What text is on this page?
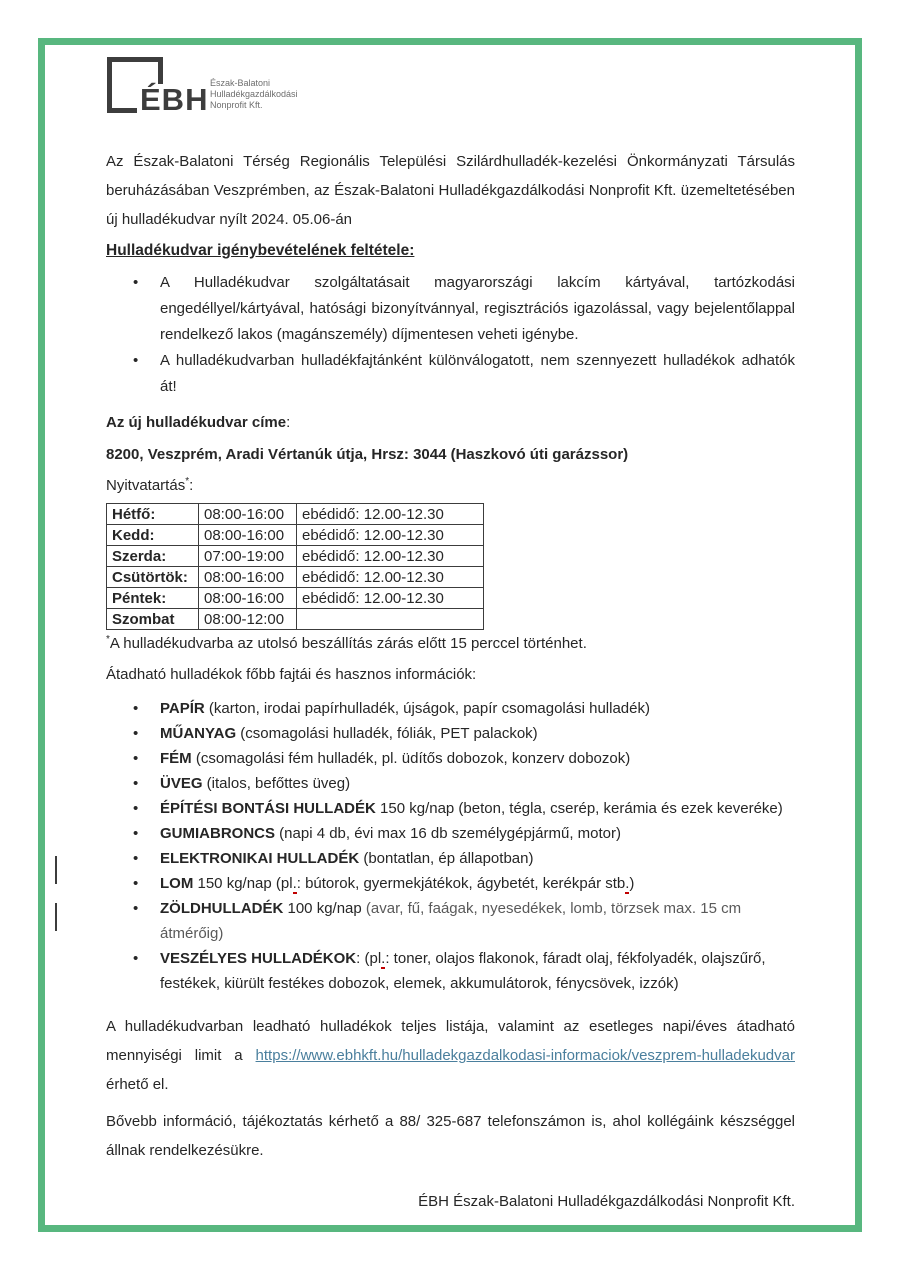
ÉBH Észak-Balatoni
Hulladékgazdálkodási
Nonprofit Kft.

Az Észak-Balatoni Térség Regionális Települési Szilárdhulladék-kezelési Önkormányzati Társulás beruházásában Veszprémben, az Észak-Balatoni Hulladékgazdálkodási Nonprofit Kft. üzemeltetésében új hulladékudvar nyílt 2024. 05.06-án

Hulladékudvar igénybevételének feltétele:

• A Hulladékudvar szolgáltatásait magyarországi lakcím kártyával, tartózkodási engedéllyel/kártyával, hatósági bizonyítvánnyal, regisztrációs igazolással, vagy bejelentőlappal rendelkező lakos (magánszemély) díjmentesen veheti igénybe.
• A hulladékudvarban hulladékfajtánként különválogatott, nem szennyezett hulladékok adhatók át!

Az új hulladékudvar címe:

8200, Veszprém, Aradi Vértanúk útja, Hrsz: 3044 (Haszkovó úti garázssor)

Nyitvatartás*:

Hétfő:	08:00-16:00	ebédidő: 12.00-12.30
Kedd:	08:00-16:00	ebédidő: 12.00-12.30
Szerda:	07:00-19:00	ebédidő: 12.00-12.30
Csütörtök:	08:00-16:00	ebédidő: 12.00-12.30
Péntek:	08:00-16:00	ebédidő: 12.00-12.30
Szombat	08:00-12:00	

*A hulladékudvarba az utolsó beszállítás zárás előtt 15 perccel történhet.

Átadható hulladékok főbb fajtái és hasznos információk:

• PAPÍR (karton, irodai papírhulladék, újságok, papír csomagolási hulladék)
• MŰANYAG (csomagolási hulladék, fóliák, PET palackok)
• FÉM (csomagolási fém hulladék, pl. üdítős dobozok, konzerv dobozok)
• ÜVEG (italos, befőttes üveg)
• ÉPÍTÉSI BONTÁSI HULLADÉK 150 kg/nap (beton, tégla, cserép, kerámia és ezek keveréke)
• GUMIABRONCS (napi 4 db, évi max 16 db személygépjármű, motor)
• ELEKTRONIKAI HULLADÉK (bontatlan, ép állapotban)
• LOM 150 kg/nap (pl.: bútorok, gyermekjátékok, ágybetét, kerékpár stb.)
• ZÖLDHULLADÉK 100 kg/nap (avar, fű, faágak, nyesedékek, lomb, törzsek max. 15 cm átmérőig)
• VESZÉLYES HULLADÉKOK: (pl.: toner, olajos flakonok, fáradt olaj, fékfolyadék, olajszűrő, festékek, kiürült festékes dobozok, elemek, akkumulátorok, fénycsövek, izzók)

A hulladékudvarban leadható hulladékok teljes listája, valamint az esetleges napi/éves átadható mennyiségi limit a https://www.ebhkft.hu/hulladekgazdalkodasi-informaciok/veszprem-hulladekudvar érhető el.

Bővebb információ, tájékoztatás kérhető a 88/ 325-687 telefonszámon is, ahol kollégáink készséggel állnak rendelkezésükre.

ÉBH Észak-Balatoni Hulladékgazdálkodási Nonprofit Kft.
